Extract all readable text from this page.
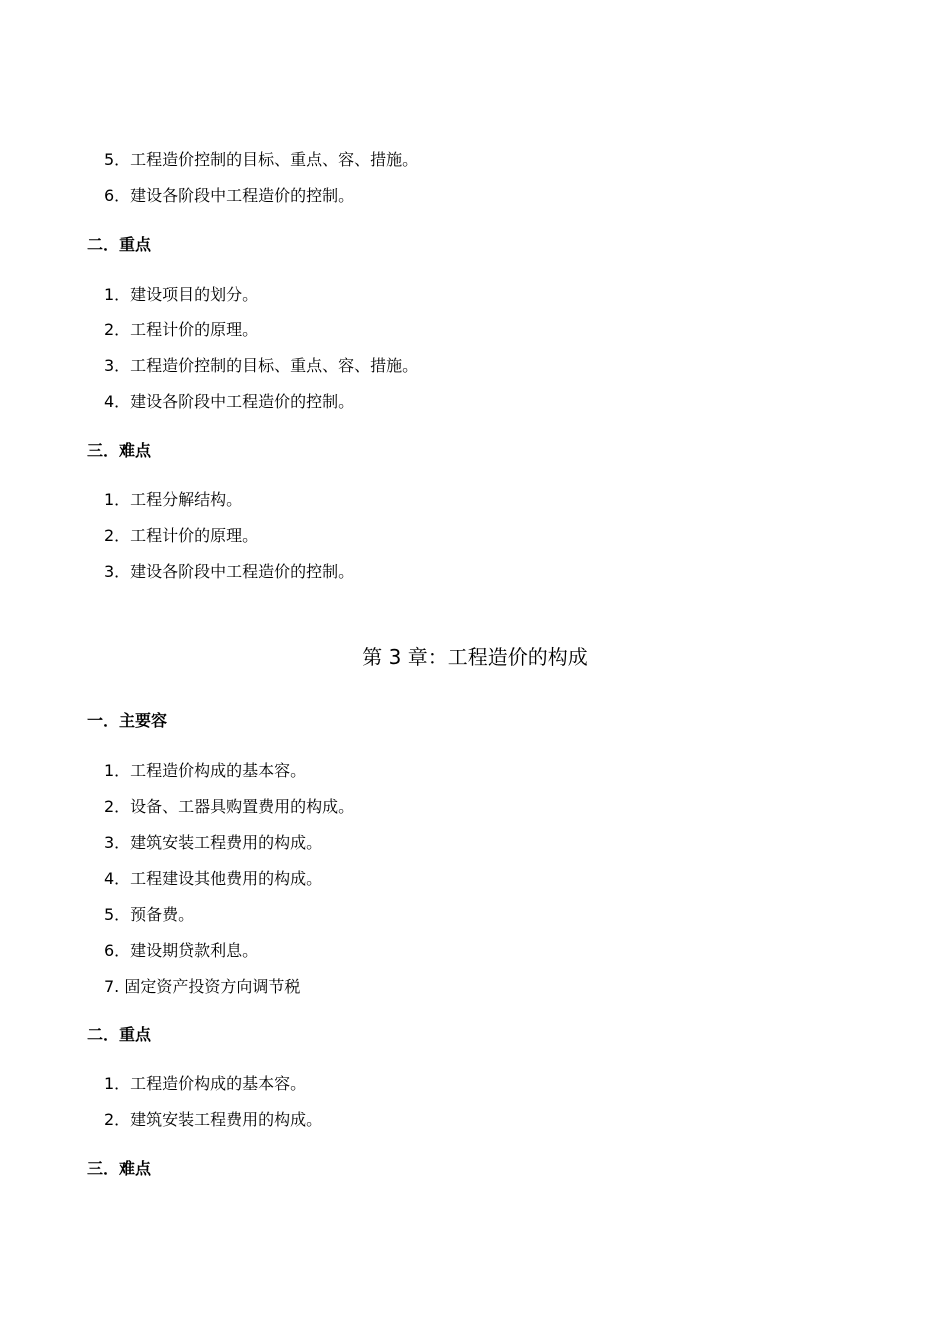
5．工程造价控制的目标、重点、容、措施。
6．建设各阶段中工程造价的控制。
二．重点
1．建设项目的划分。
2．工程计价的原理。
3．工程造价控制的目标、重点、容、措施。
4．建设各阶段中工程造价的控制。
三．难点
1．工程分解结构。
2．工程计价的原理。
3．建设各阶段中工程造价的控制。
第 3 章：工程造价的构成
一．主要容
1．工程造价构成的基本容。
2．设备、工器具购置费用的构成。
3．建筑安装工程费用的构成。
4．工程建设其他费用的构成。
5．预备费。
6．建设期贷款利息。
7. 固定资产投资方向调节税
二．重点
1．工程造价构成的基本容。
2．建筑安装工程费用的构成。
三．难点
